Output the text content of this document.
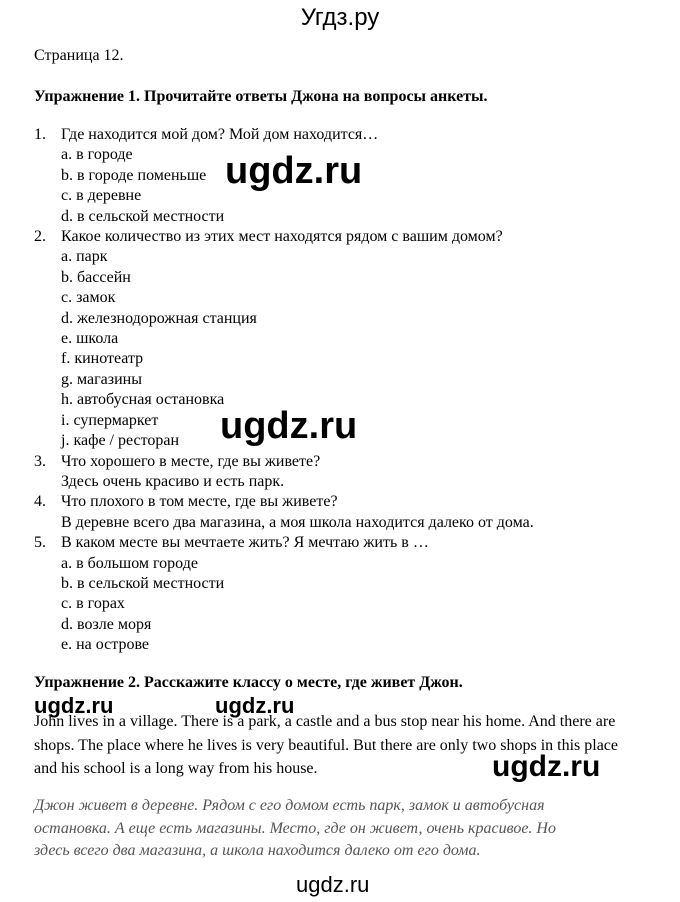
Угдз.ру
Страница 12.
Упражнение 1. Прочитайте ответы Джона на вопросы анкеты.
1. Где находится мой дом? Мой дом находится…
a. в городе
b. в городе поменьше
c. в деревне
d. в сельской местности
2. Какое количество из этих мест находятся рядом с вашим домом?
a. парк
b. бассейн
c. замок
d. железнодорожная станция
e. школа
f. кинотеатр
g. магазины
h. автобусная остановка
i. супермаркет
j. кафе / ресторан
3. Что хорошего в месте, где вы живете?
Здесь очень красиво и есть парк.
4. Что плохого в том месте, где вы живете?
В деревне всего два магазина, а моя школа находится далеко от дома.
5. В каком месте вы мечтаете жить? Я мечтаю жить в …
a. в большом городе
b. в сельской местности
c. в горах
d. возле моря
e. на острове
Упражнение 2. Расскажите классу о месте, где живет Джон.
John lives in a village. There is a park, a castle and a bus stop near his home. And there are shops. The place where he lives is very beautiful. But there are only two shops in this place and his school is a long way from his house.
Джон живет в деревне. Рядом с его домом есть парк, замок и автобусная остановка. А еще есть магазины. Место, где он живет, очень красивое. Но здесь всего два магазина, а школа находится далеко от его дома.
ugdz.ru
ugdz.ru
ugdz.ru	ugdz.ru
ugdz.ru
ugdz.ru
